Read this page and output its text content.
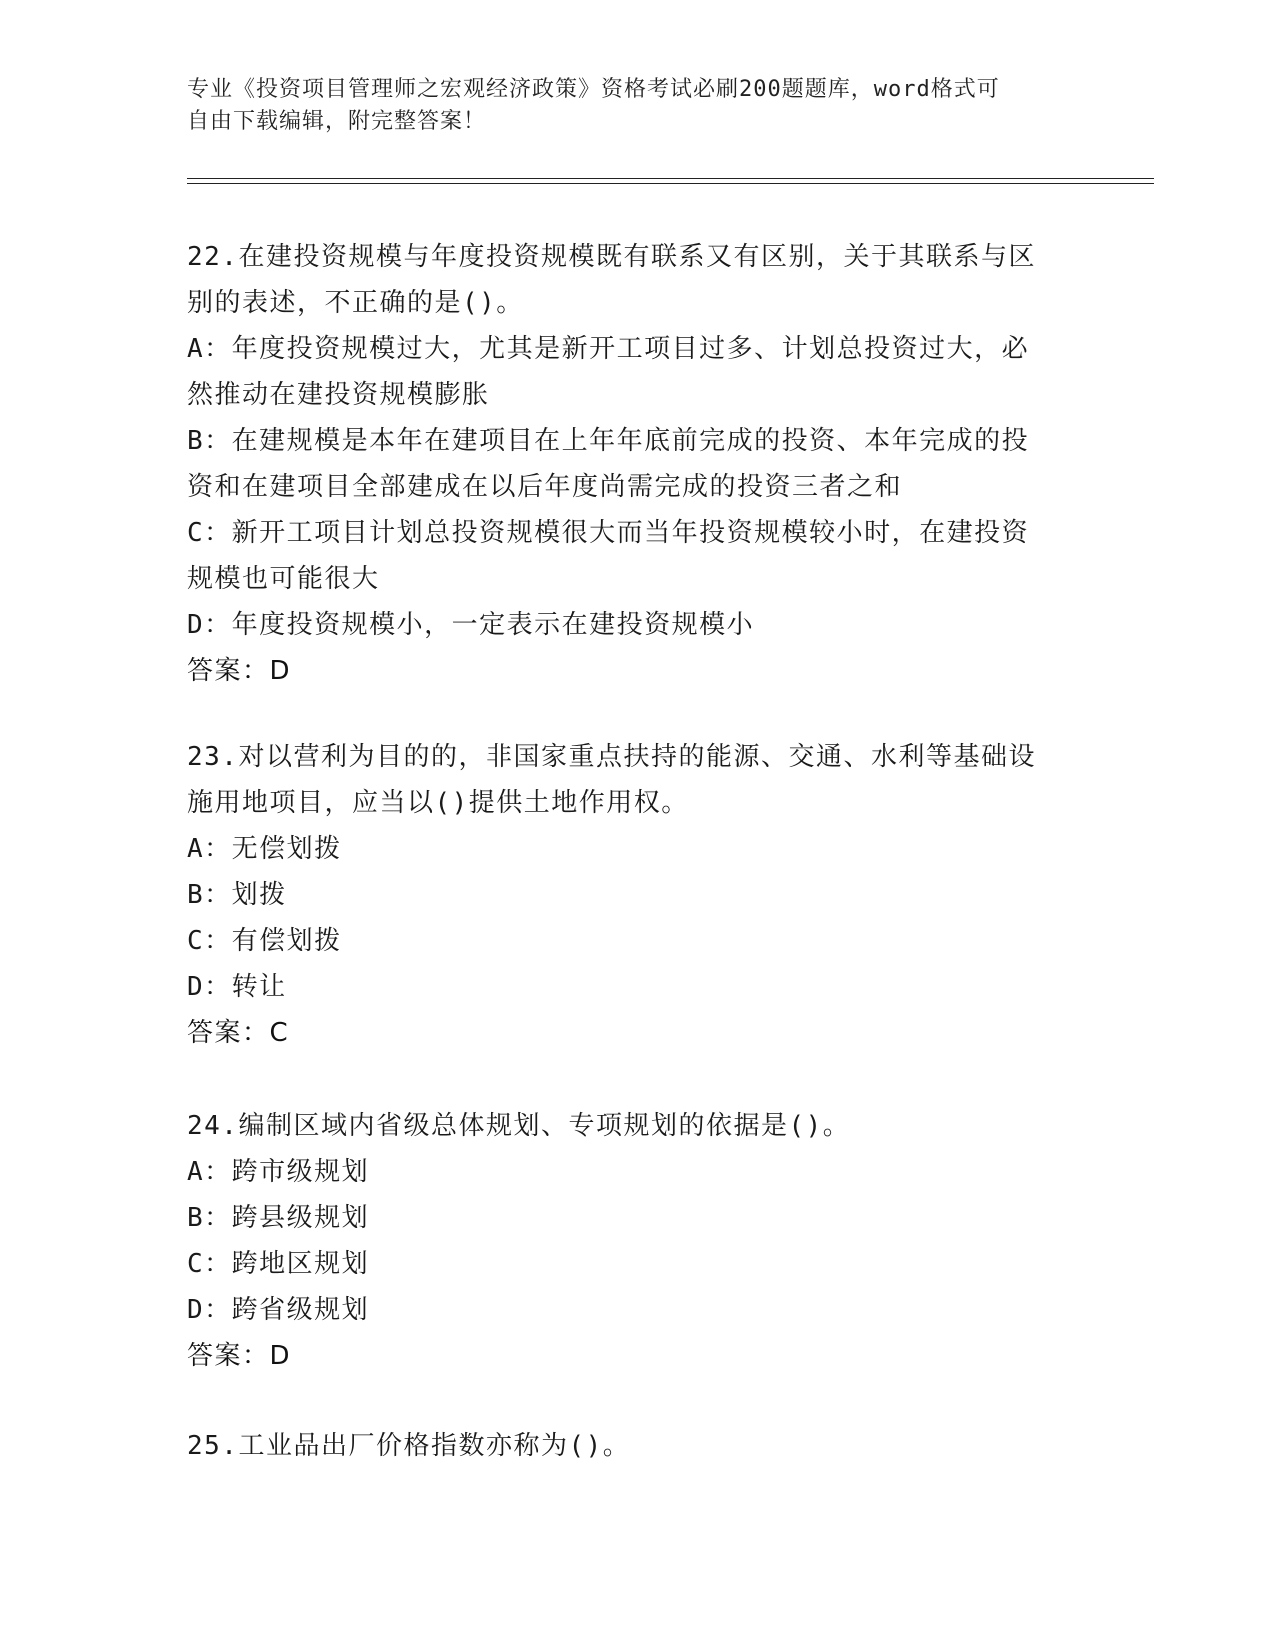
专业《投资项目管理师之宏观经济政策》资格考试必刷200题题库，word格式可
自由下载编辑，附完整答案！
22.在建投资规模与年度投资规模既有联系又有区别，关于其联系与区
别的表述，不正确的是()。
A：年度投资规模过大，尤其是新开工项目过多、计划总投资过大，必
然推动在建投资规模膨胀
B：在建规模是本年在建项目在上年年底前完成的投资、本年完成的投
资和在建项目全部建成在以后年度尚需完成的投资三者之和
C：新开工项目计划总投资规模很大而当年投资规模较小时，在建投资
规模也可能很大
D：年度投资规模小，一定表示在建投资规模小
答案：D
23.对以营利为目的的，非国家重点扶持的能源、交通、水利等基础设
施用地项目，应当以()提供土地作用权。
A：无偿划拨
B：划拨
C：有偿划拨
D：转让
答案：C
24.编制区域内省级总体规划、专项规划的依据是()。
A：跨市级规划
B：跨县级规划
C：跨地区规划
D：跨省级规划
答案：D
25.工业品出厂价格指数亦称为()。
